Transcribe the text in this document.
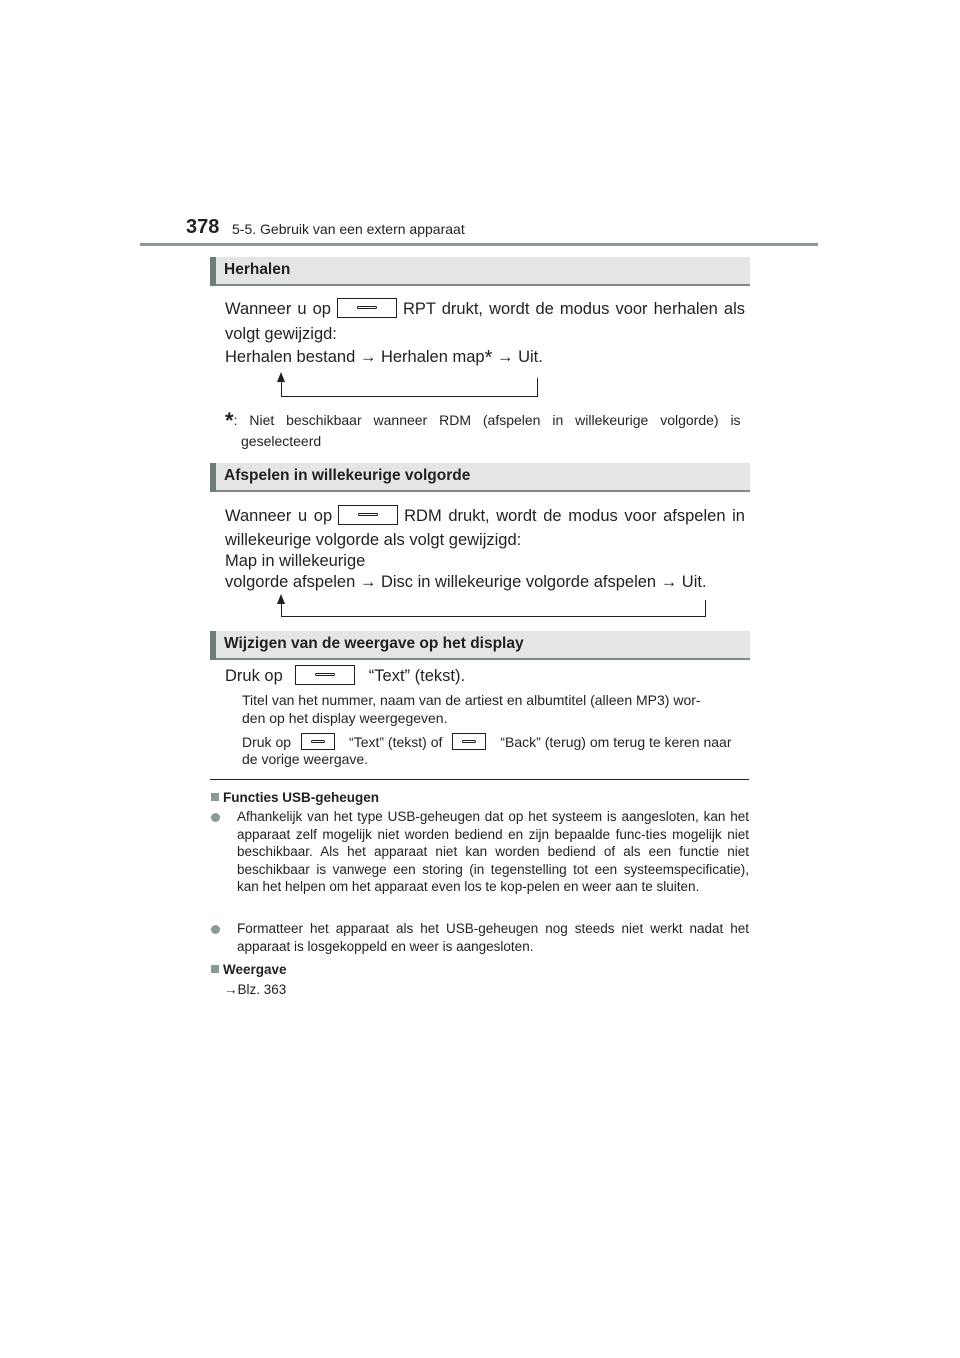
378 5-5. Gebruik van een extern apparaat
Herhalen
Wanneer u op	RPT drukt, wordt de modus voor herhalen als
volgt gewijzigd:
Herhalen bestand → Herhalen map* → Uit.
*: Niet beschikbaar wanneer RDM (afspelen in willekeurige volgorde) is
geselecteerd
Afspelen in willekeurige volgorde
Wanneer u op	RDM drukt, wordt de modus voor afspelen in
willekeurige volgorde als volgt gewijzigd:
Map in willekeurige
volgorde afspelen → Disc in willekeurige volgorde afspelen → Uit.
Wijzigen van de weergave op het display
Druk op	“Text” (tekst).
Titel van het nummer, naam van de artiest en albumtitel (alleen MP3) wor-
den op het display weergegeven.
Druk op	“Text” (tekst) of	“Back” (terug) om terug te keren naar
de vorige weergave.
Functies USB-geheugen
Afhankelijk van het type USB-geheugen dat op het systeem is aangesloten, kan het apparaat zelf mogelijk niet worden bediend en zijn bepaalde func-ties mogelijk niet beschikbaar. Als het apparaat niet kan worden bediend of als een functie niet beschikbaar is vanwege een storing (in tegenstelling tot een systeemspecificatie), kan het helpen om het apparaat even los te kop-pelen en weer aan te sluiten.
Formatteer het apparaat als het USB-geheugen nog steeds niet werkt nadat het apparaat is losgekoppeld en weer is aangesloten.
Weergave
→Blz. 363
